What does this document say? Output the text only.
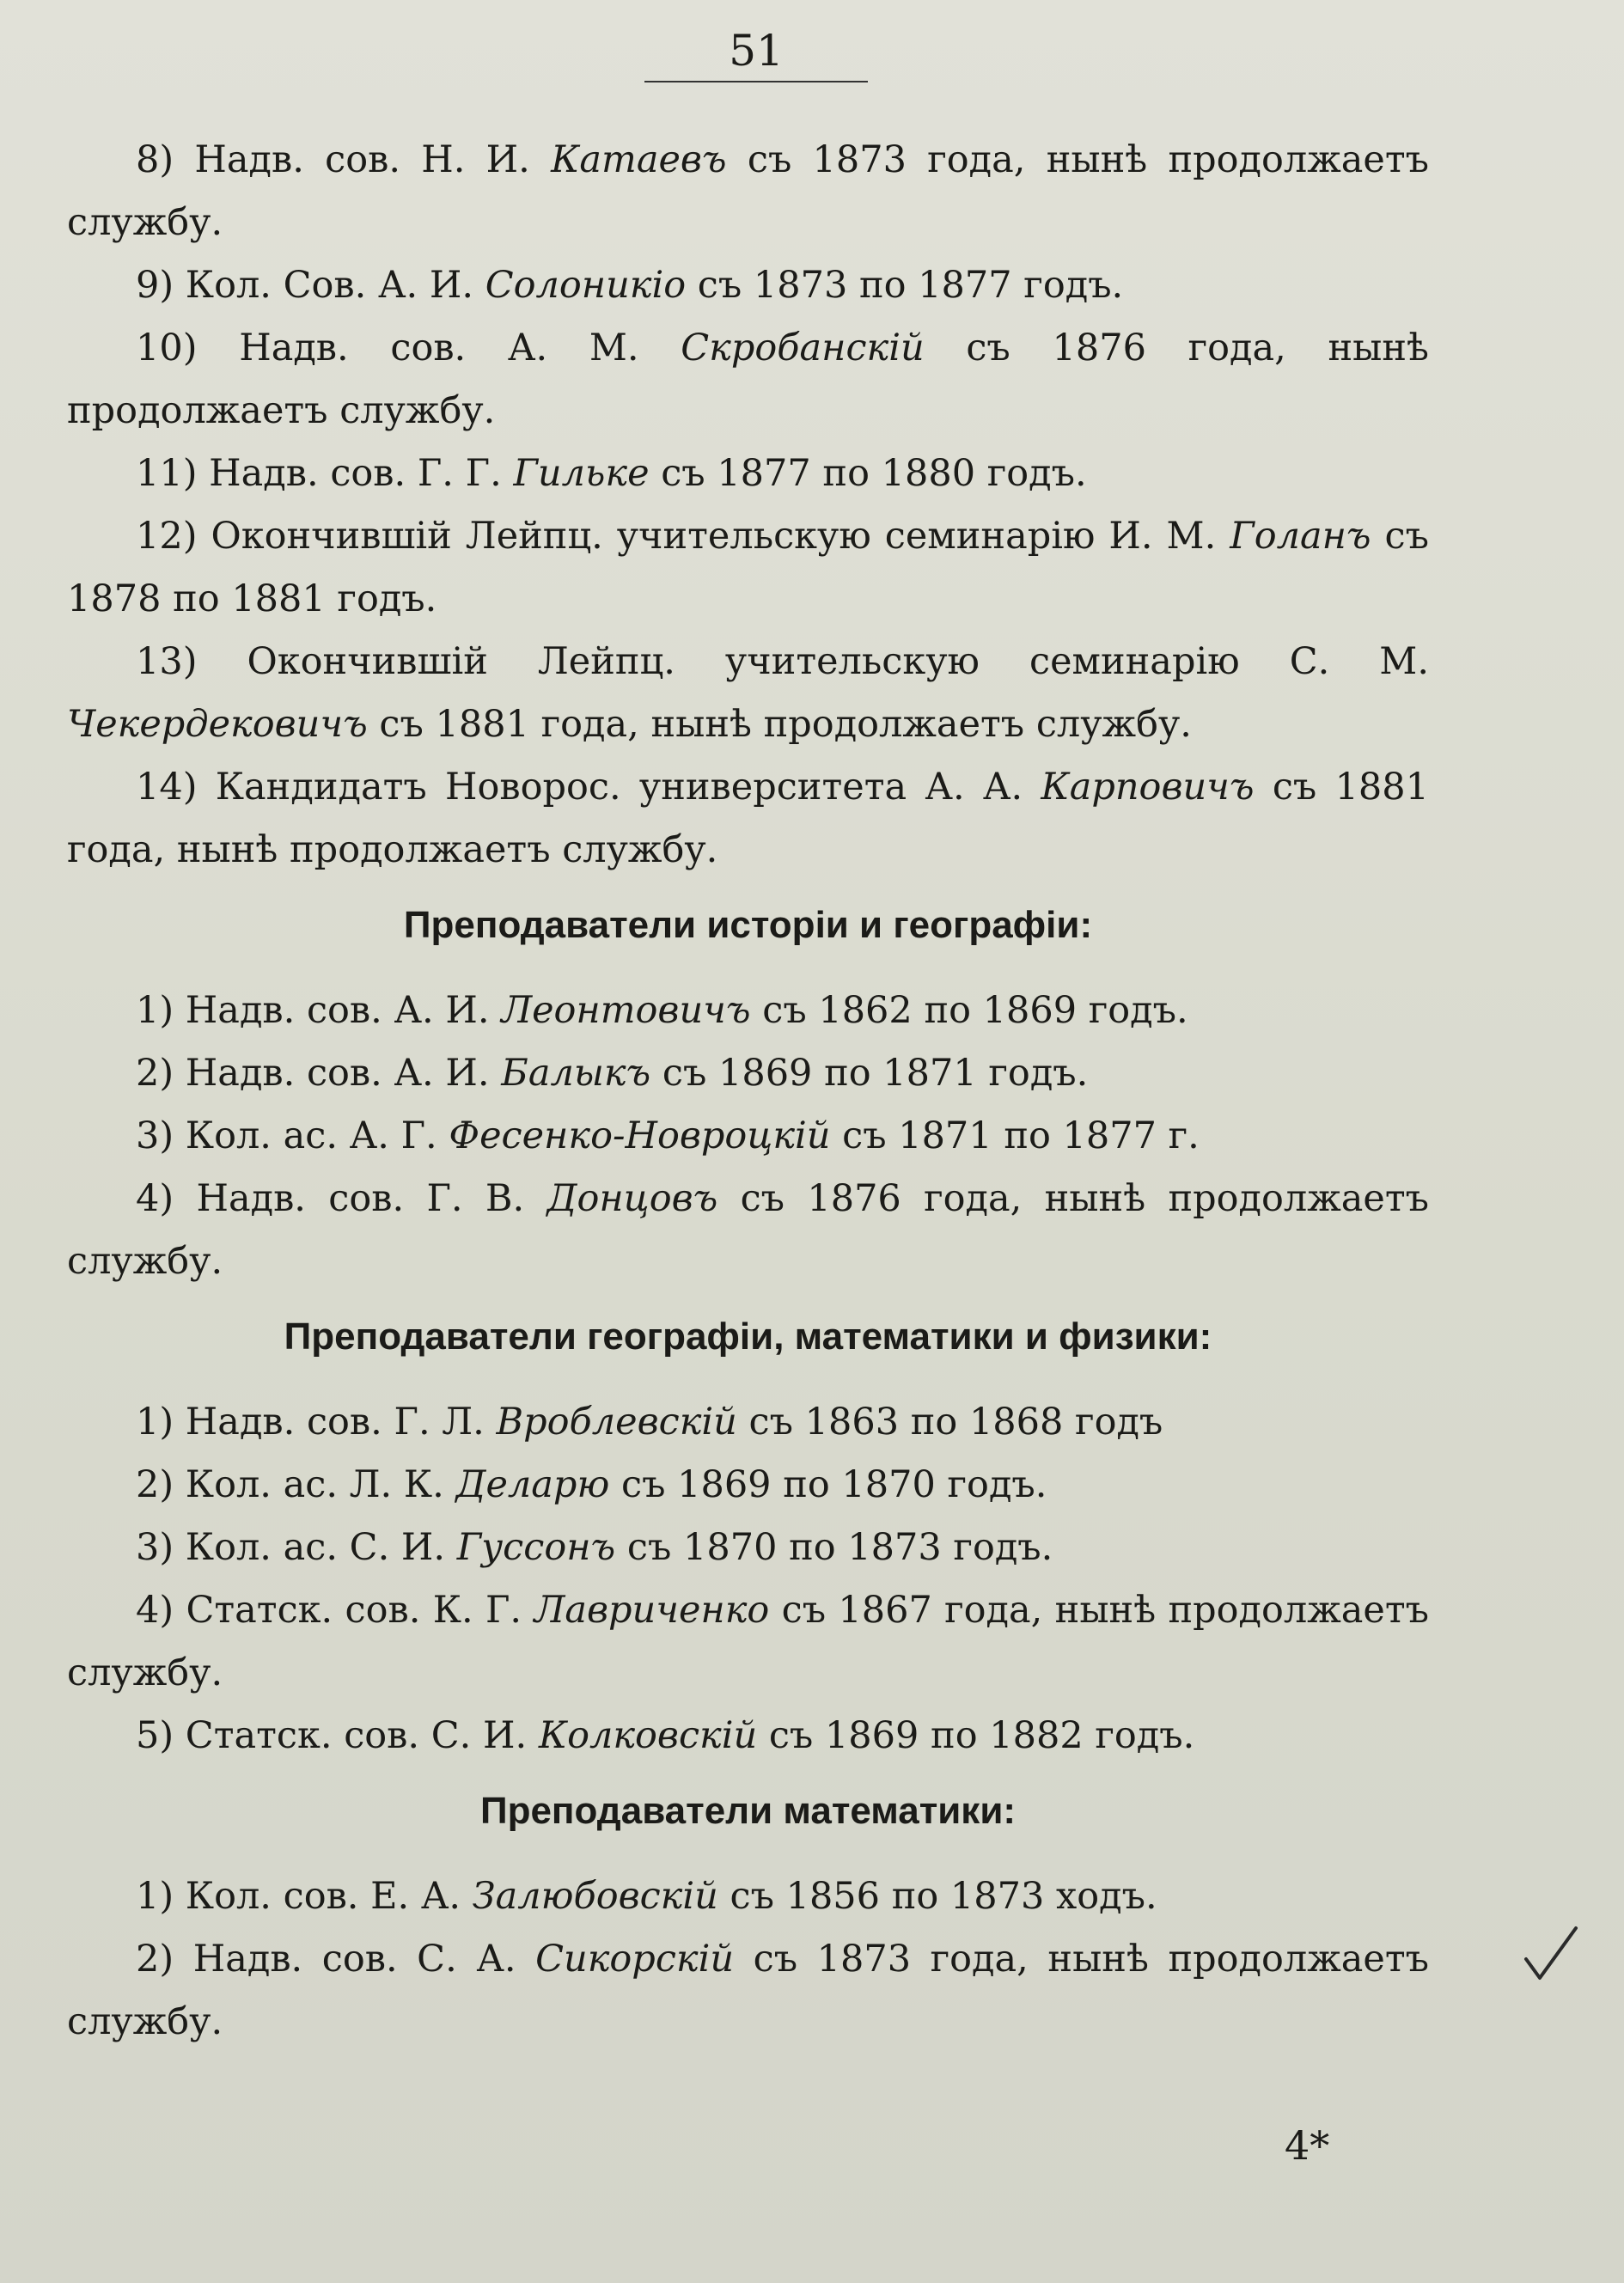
51

8) Надв. сов. Н. И. Катаевъ съ 1873 года, нынѣ продолжаетъ службу.

9) Кол. Сов. А. И. Солоникіо съ 1873 по 1877 годъ.

10) Надв. сов. А. М. Скробанскій съ 1876 года, нынѣ продолжаетъ службу.

11) Надв. сов. Г. Г. Гильке съ 1877 по 1880 годъ.

12) Окончившій Лейпц. учительскую семинарію И. М. Голанъ съ 1878 по 1881 годъ.

13) Окончившій Лейпц. учительскую семинарію С. М. Чекердековичъ съ 1881 года, нынѣ продолжаетъ службу.

14) Кандидатъ Новорос. университета А. А. Карповичъ съ 1881 года, нынѣ продолжаетъ службу.

Преподаватели исторіи и географіи:

1) Надв. сов. А. И. Леонтовичъ съ 1862 по 1869 годъ.

2) Надв. сов. А. И. Балыкъ съ 1869 по 1871 годъ.

3) Кол. ас. А. Г. Фесенко-Новроцкій съ 1871 по 1877 г.

4) Надв. сов. Г. В. Донцовъ съ 1876 года, нынѣ продолжаетъ службу.

Преподаватели географіи, математики и физики:

1) Надв. сов. Г. Л. Вроблевскій съ 1863 по 1868 годъ

2) Кол. ас. Л. К. Деларю съ 1869 по 1870 годъ.

3) Кол. ас. С. И. Гуссонъ съ 1870 по 1873 годъ.

4) Статск. сов. К. Г. Лавриченко съ 1867 года, нынѣ продолжаетъ службу.

5) Статск. сов. С. И. Колковскій съ 1869 по 1882 годъ.

Преподаватели математики:

1) Кол. сов. Е. А. Залюбовскій съ 1856 по 1873 ходъ.

2) Надв. сов. С. А. Сикорскій съ 1873 года, нынѣ продолжаетъ службу.

4*
